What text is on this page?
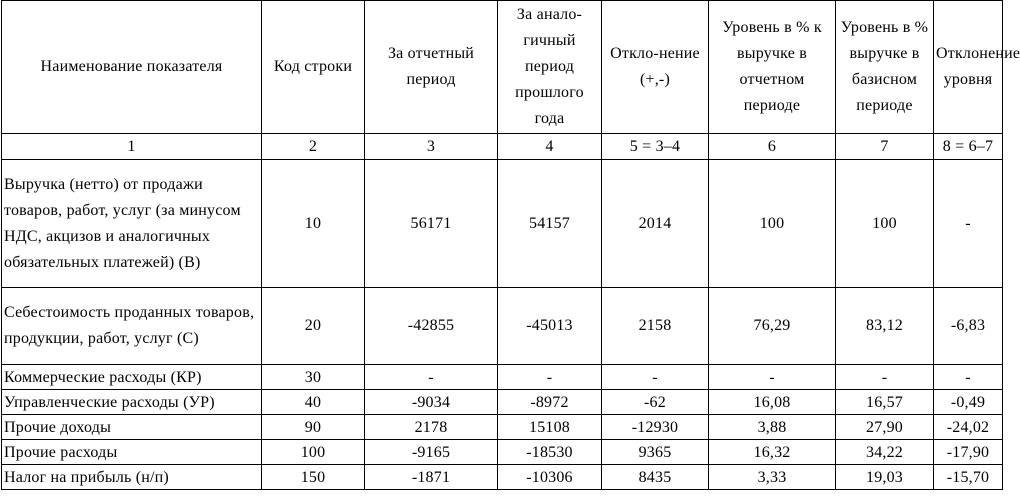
Наименование показателя	Код строки	За отчетный период	За анало-гичный период прошлого года	Откло-нение (+,-)	Уровень в % к выручке в отчетном периоде	Уровень в % выручке в базисном периоде	Отклонение уровня
1	2	3	4	5 = 3–4	6	7	8 = 6–7
Выручка (нетто) от продажи товаров, работ, услуг (за минусом НДС, акцизов и аналогичных обязательных платежей) (В)	10	56171	54157	2014	100	100	-
Себестоимость проданных товаров, продукции, работ, услуг (С)	20	-42855	-45013	2158	76,29	83,12	-6,83
Коммерческие расходы (КР)	30	-	-	-	-	-	-
Управленческие расходы (УР)	40	-9034	-8972	-62	16,08	16,57	-0,49
Прочие доходы	90	2178	15108	-12930	3,88	27,90	-24,02
Прочие расходы	100	-9165	-18530	9365	16,32	34,22	-17,90
Налог на прибыль (н/п)	150	-1871	-10306	8435	3,33	19,03	-15,70
